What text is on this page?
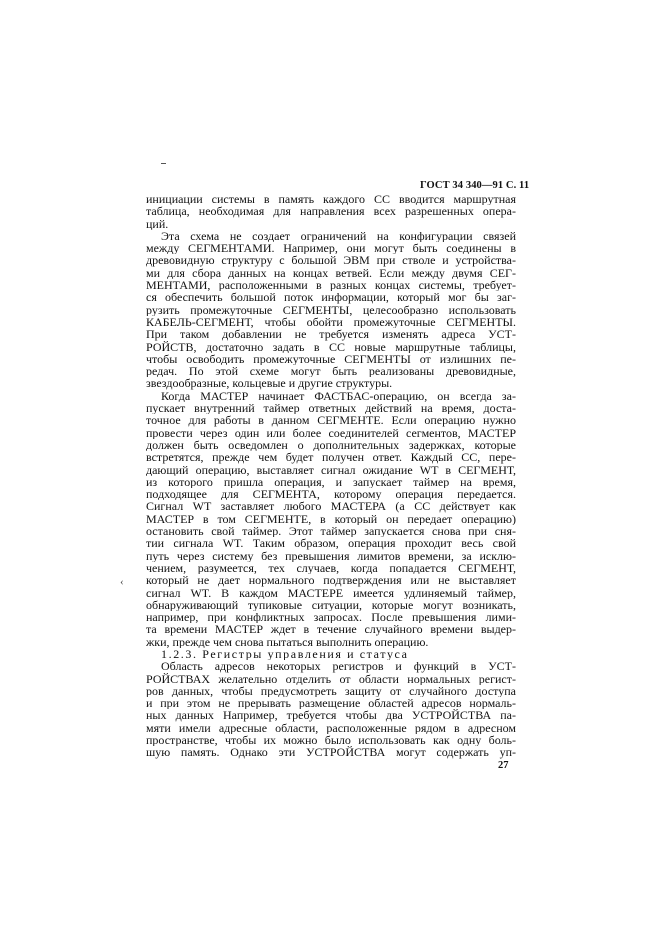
ГОСТ 34 340—91 С. 11
инициации системы в память каждого СС вводится маршрутная
таблица, необходимая для направления всех разрешенных опера-
ций.
Эта схема не создает ограничений на конфигурации связей
между СЕГМЕНТАМИ. Например, они могут быть соединены в
древовидную структуру с большой ЭВМ при стволе и устройства-
ми для сбора данных на концах ветвей. Если между двумя СЕГ-
МЕНТАМИ, расположенными в разных концах системы, требует-
ся обеспечить большой поток информации, который мог бы заг-
рузить промежуточные СЕГМЕНТЫ, целесообразно использовать
КАБЕЛЬ-СЕГМЕНТ, чтобы обойти промежуточные СЕГМЕНТЫ.
При таком добавлении не требуется изменять адреса УСТ-
РОЙСТВ, достаточно задать в СС новые маршрутные таблицы,
чтобы освободить промежуточные СЕГМЕНТЫ от излишних пе-
редач. По этой схеме могут быть реализованы древовидные,
звездообразные, кольцевые и другие структуры.
Когда МАСТЕР начинает ФАСТБАС-операцию, он всегда за-
пускает внутренний таймер ответных действий на время, доста-
точное для работы в данном СЕГМЕНТЕ. Если операцию нужно
провести через один или более соединителей сегментов, МАСТЕР
должен быть осведомлен о дополнительных задержках, которые
встретятся, прежде чем будет получен ответ. Каждый СС, пере-
дающий операцию, выставляет сигнал ожидание WT в СЕГМЕНТ,
из которого пришла операция, и запускает таймер на время,
подходящее для СЕГМЕНТА, которому операция передается.
Сигнал WT заставляет любого МАСТЕРА (а СС действует как
МАСТЕР в том СЕГМЕНТЕ, в который он передает операцию)
остановить свой таймер. Этот таймер запускается снова при сня-
тии сигнала WT. Таким образом, операция проходит весь свой
путь через систему без превышения лимитов времени, за исклю-
чением, разумеется, тех случаев, когда попадается СЕГМЕНТ,
который не дает нормального подтверждения или не выставляет
сигнал WT. В каждом МАСТЕРЕ имеется удлиняемый таймер,
обнаруживающий тупиковые ситуации, которые могут возникать,
например, при конфликтных запросах. После превышения лими-
та времени МАСТЕР ждет в течение случайного времени выдер-
жки, прежде чем снова пытаться выполнить операцию.
1.2.3. Регистры управления и статуса
Область адресов некоторых регистров и функций в УСТ-
РОЙСТВАХ желательно отделить от области нормальных регист-
ров данных, чтобы предусмотреть защиту от случайного доступа
и при этом не прерывать размещение областей адресов нормаль-
ных данных Например, требуется чтобы два УСТРОЙСТВА па-
мяти имели адресные области, расположенные рядом в адресном
пространстве, чтобы их можно было использовать как одну боль-
шую память. Однако эти УСТРОЙСТВА могут содержать уп-
‹
27
